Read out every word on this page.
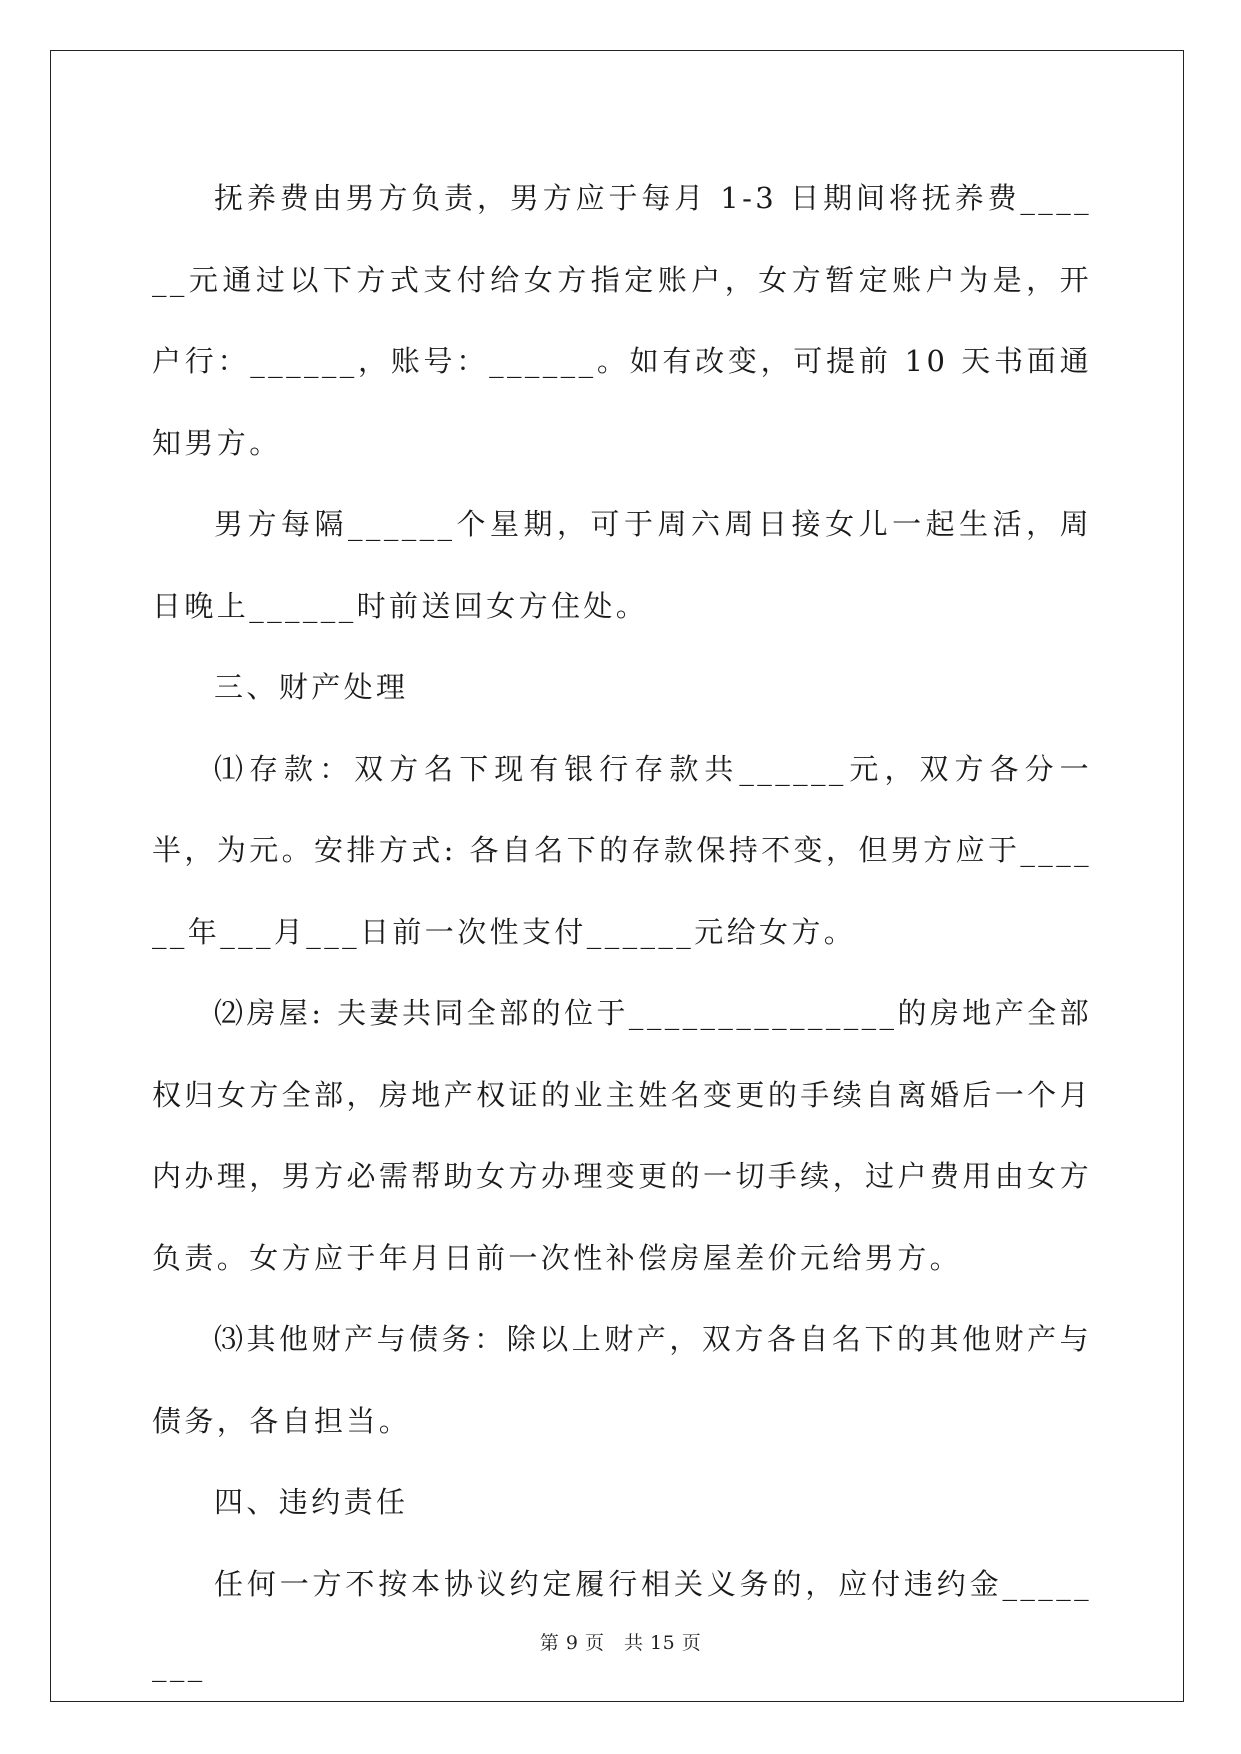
抚养费由男方负责，男方应于每月 1-3 日期间将抚养费______元通过以下方式支付给女方指定账户，女方暂定账户为是，开户行：______，账号：______。如有改变，可提前 10 天书面通知男方。

男方每隔______个星期，可于周六周日接女儿一起生活，周日晚上______时前送回女方住处。

三、财产处理

⑴存款：双方名下现有银行存款共______元，双方各分一半，为元。安排方式: 各自名下的存款保持不变，但男方应于______年___月___日前一次性支付______元给女方。

⑵房屋: 夫妻共同全部的位于_______________的房地产全部权归女方全部，房地产权证的业主姓名变更的手续自离婚后一个月内办理，男方必需帮助女方办理变更的一切手续，过户费用由女方负责。女方应于年月日前一次性补偿房屋差价元给男方。

⑶其他财产与债务：除以上财产，双方各自名下的其他财产与债务，各自担当。

四、违约责任

任何一方不按本协议约定履行相关义务的，应付违约金________

第 9 页　共 15 页
